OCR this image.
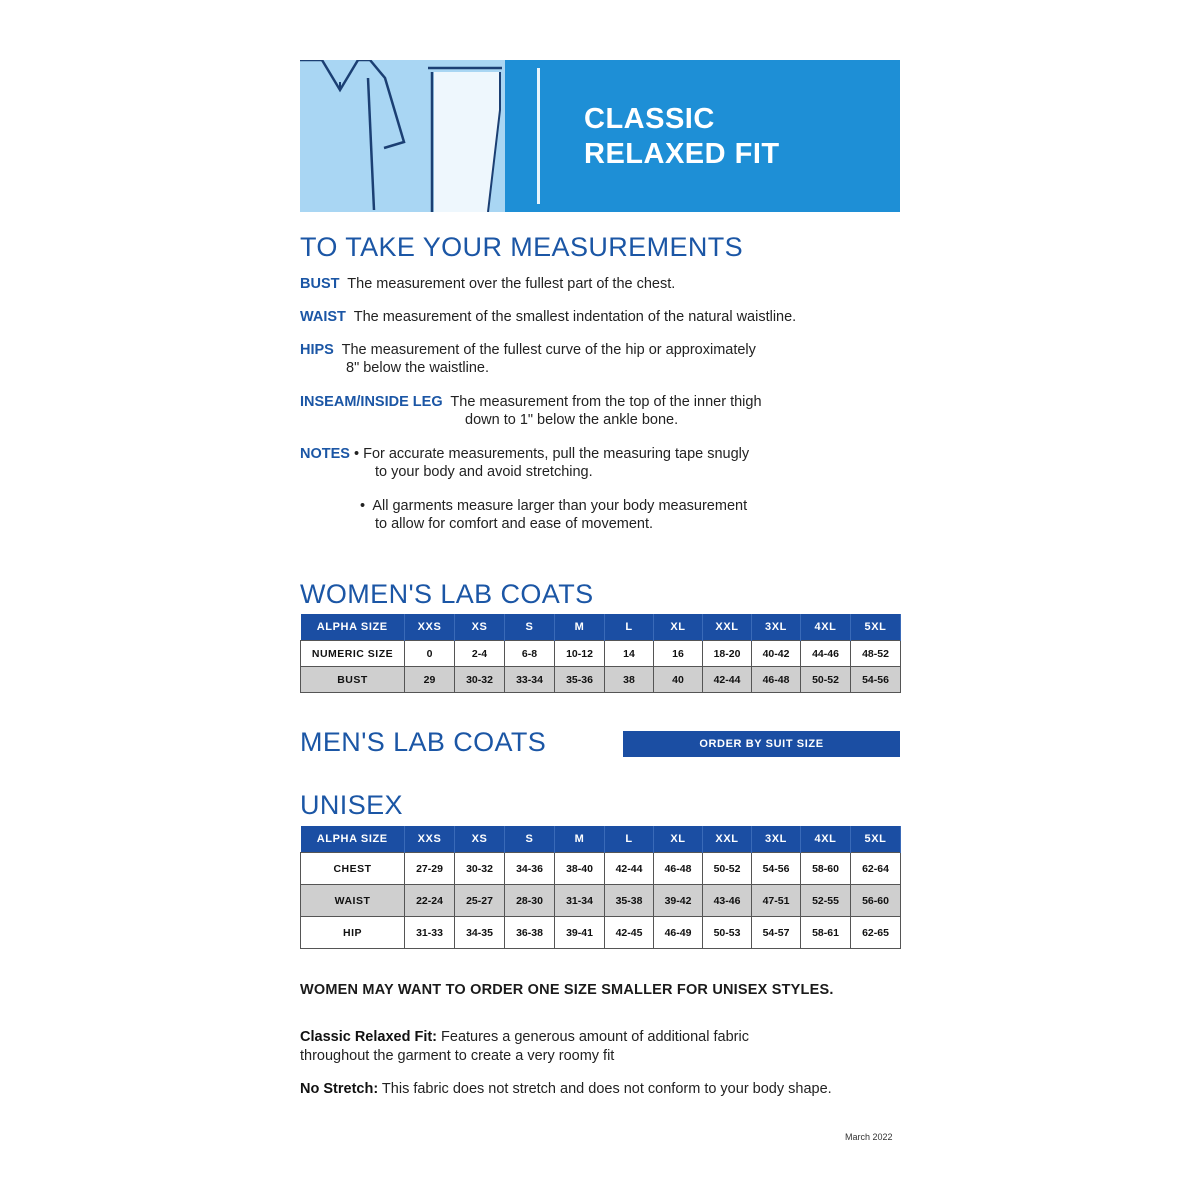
CLASSIC
RELAXED FIT
TO TAKE YOUR MEASUREMENTS
BUST The measurement over the fullest part of the chest.
WAIST The measurement of the smallest indentation of the natural waistline.
HIPS The measurement of the fullest curve of the hip or approximately
8" below the waistline.
INSEAM/INSIDE LEG The measurement from the top of the inner thigh
down to 1" below the ankle bone.
NOTES • For accurate measurements, pull the measuring tape snugly
to your body and avoid stretching.
• All garments measure larger than your body measurement
to allow for comfort and ease of movement.
WOMEN'S LAB COATS
ALPHA SIZE	XXS	XS	S	M	L	XL	XXL	3XL	4XL	5XL
NUMERIC SIZE	0	2-4	6-8	10-12	14	16	18-20	40-42	44-46	48-52
BUST	29	30-32	33-34	35-36	38	40	42-44	46-48	50-52	54-56
MEN'S LAB COATS	ORDER BY SUIT SIZE
UNISEX
ALPHA SIZE	XXS	XS	S	M	L	XL	XXL	3XL	4XL	5XL
CHEST	27-29	30-32	34-36	38-40	42-44	46-48	50-52	54-56	58-60	62-64
WAIST	22-24	25-27	28-30	31-34	35-38	39-42	43-46	47-51	52-55	56-60
HIP	31-33	34-35	36-38	39-41	42-45	46-49	50-53	54-57	58-61	62-65
WOMEN MAY WANT TO ORDER ONE SIZE SMALLER FOR UNISEX STYLES.
Classic Relaxed Fit: Features a generous amount of additional fabric
throughout the garment to create a very roomy fit
No Stretch: This fabric does not stretch and does not conform to your body shape.
March 2022
